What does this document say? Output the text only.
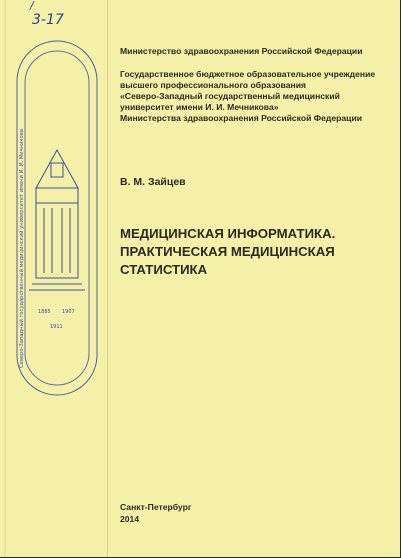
/
3-17
1885 1907
1911
Северо-Западный государственный медицинский университет имени И. И. Мечникова

Министерство здравоохранения Российской Федерации

Государственное бюджетное образовательное учреждение
высшего профессионального образования
«Северо-Западный государственный медицинский
университет имени И. И. Мечникова»
Министерства здравоохранения Российской Федерации
В. М. Зайцев
МЕДИЦИНСКАЯ ИНФОРМАТИКА.
ПРАКТИЧЕСКАЯ МЕДИЦИНСКАЯ
СТАТИСТИКА
Санкт-Петербург
2014
